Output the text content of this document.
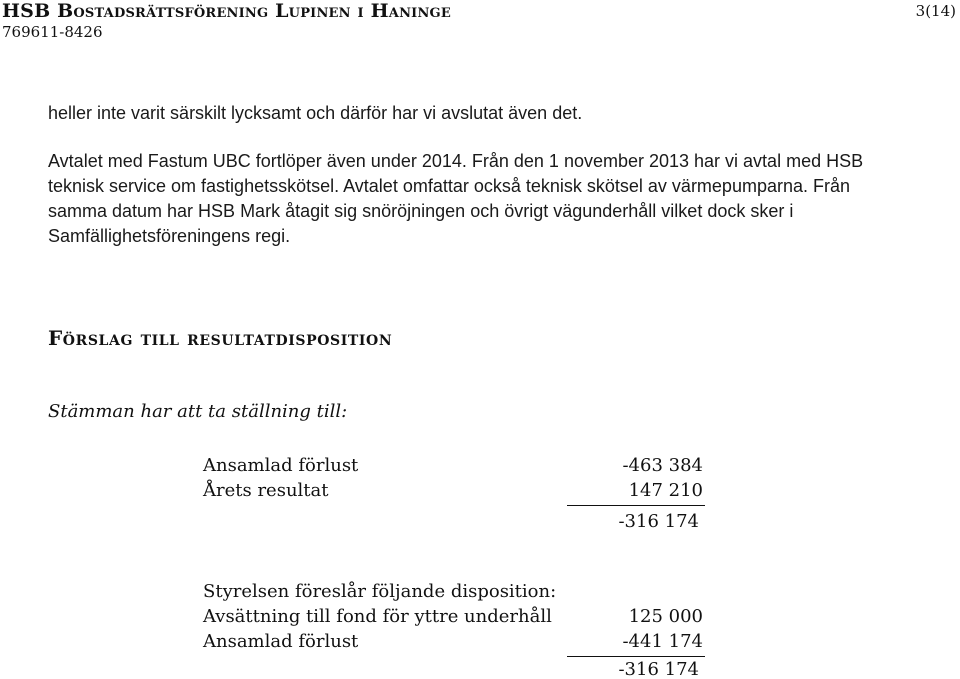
HSB Bostadsrättsförening Lupinen i Haninge
769611-8426
3(14)
heller inte varit särskilt lycksamt och därför har vi avslutat även det.
Avtalet med Fastum UBC fortlöper även under 2014. Från den 1 november 2013 har vi avtal med HSB
teknisk service om fastighetsskötsel. Avtalet omfattar också teknisk skötsel av värmepumparna. Från
samma datum har HSB Mark åtagit sig snöröjningen och övrigt vägunderhåll vilket dock sker i
Samfällighetsföreningens regi.
Förslag till resultatdisposition
Stämman har att ta ställning till:
Ansamlad förlust	-463 384
Årets resultat	147 210
-316 174
Styrelsen föreslår följande disposition:
Avsättning till fond för yttre underhåll	125 000
Ansamlad förlust	-441 174
-316 174
